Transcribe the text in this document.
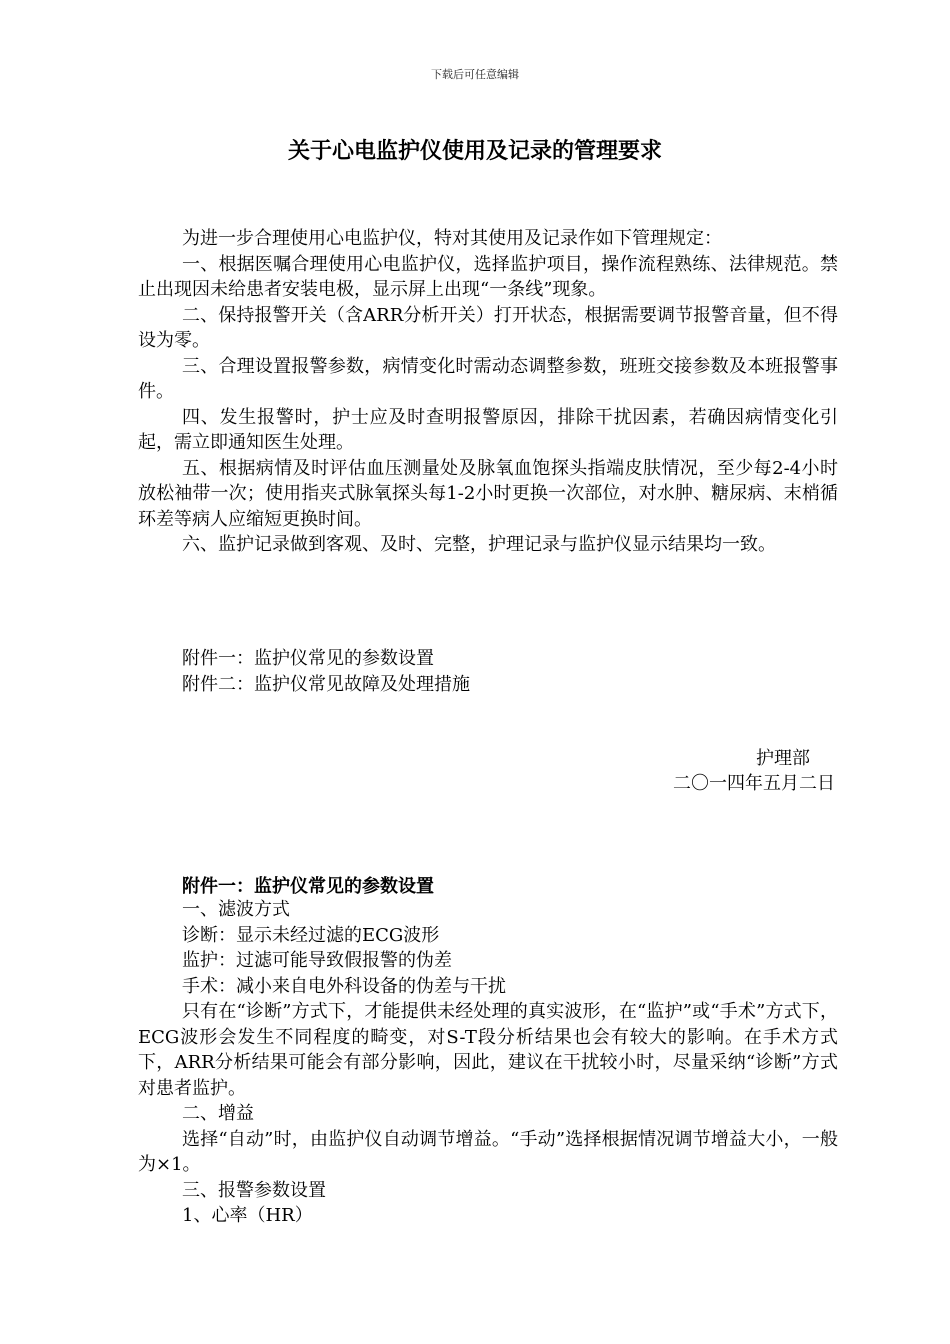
下载后可任意编辑
关于心电监护仪使用及记录的管理要求

为进一步合理使用心电监护仪，特对其使用及记录作如下管理规定：

一、根据医嘱合理使用心电监护仪，选择监护项目，操作流程熟练、法律规范。禁止出现因未给患者安装电极，显示屏上出现“一条线”现象。

二、保持报警开关（含ARR分析开关）打开状态，根据需要调节报警音量，但不得设为零。

三、合理设置报警参数，病情变化时需动态调整参数，班班交接参数及本班报警事件。

四、发生报警时，护士应及时查明报警原因，排除干扰因素，若确因病情变化引起，需立即通知医生处理。

五、根据病情及时评估血压测量处及脉氧血饱探头指端皮肤情况，至少每2-4小时放松袖带一次；使用指夹式脉氧探头每1-2小时更换一次部位，对水肿、糖尿病、末梢循环差等病人应缩短更换时间。

六、监护记录做到客观、及时、完整，护理记录与监护仪显示结果均一致。

附件一：监护仪常见的参数设置

附件二：监护仪常见故障及处理措施

护理部
二〇一四年五月二日
附件一：监护仪常见的参数设置

一、滤波方式

诊断：显示未经过滤的ECG波形

监护：过滤可能导致假报警的伪差

手术：减小来自电外科设备的伪差与干扰

只有在“诊断”方式下，才能提供未经处理的真实波形，在“监护”或“手术”方式下，ECG波形会发生不同程度的畸变，对S-T段分析结果也会有较大的影响。在手术方式下，ARR分析结果可能会有部分影响，因此，建议在干扰较小时，尽量采纳“诊断”方式对患者监护。

二、增益

选择“自动”时，由监护仪自动调节增益。“手动”选择根据情况调节增益大小，一般为×1。

三、报警参数设置

1、心率（HR）
